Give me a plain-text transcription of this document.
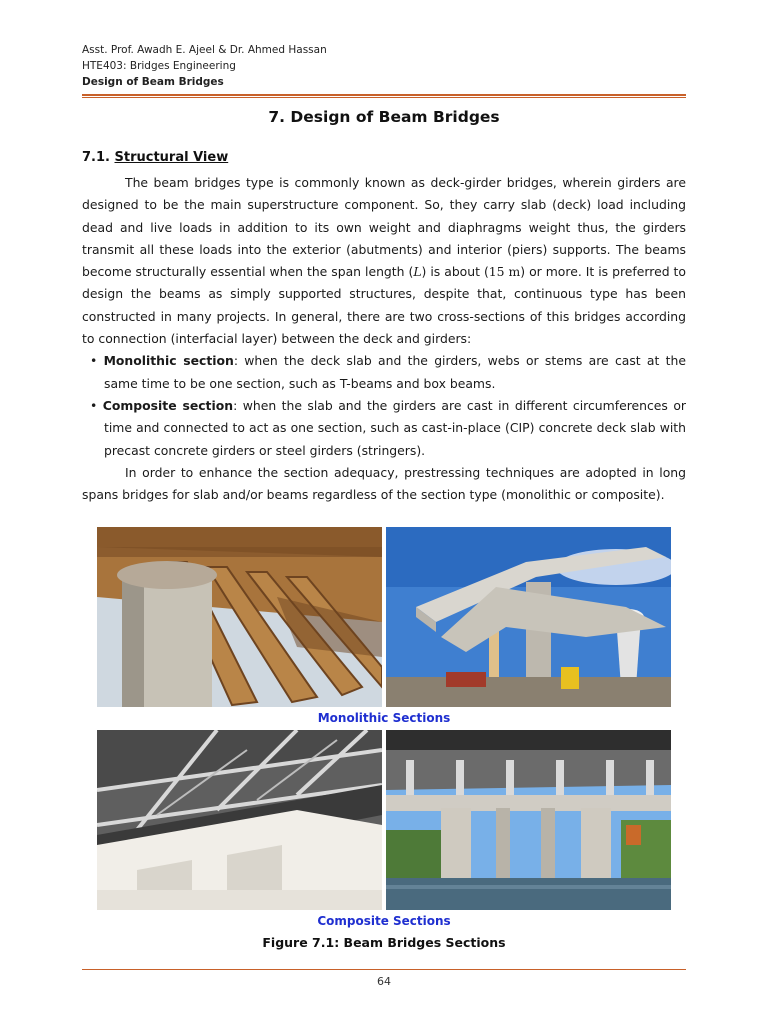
Asst. Prof. Awadh E. Ajeel & Dr. Ahmed Hassan
HTE403: Bridges Engineering
Design of Beam Bridges
7. Design of Beam Bridges
7.1. Structural View

The beam bridges type is commonly known as deck-girder bridges, wherein girders are designed to be the main superstructure component. So, they carry slab (deck) load including dead and live loads in addition to its own weight and diaphragms weight thus, the girders transmit all these loads into the exterior (abutments) and interior (piers) supports. The beams become structurally essential when the span length (L) is about (15 m) or more. It is preferred to design the beams as simply supported structures, despite that, continuous type has been constructed in many projects. In general, there are two cross-sections of this bridges according to connection (interfacial layer) between the deck and girders:

• Monolithic section: when the deck slab and the girders, webs or stems are cast at the same time to be one section, such as T-beams and box beams.

• Composite section: when the slab and the girders are cast in different circumferences or time and connected to act as one section, such as cast-in-place (CIP) concrete deck slab with precast concrete girders or steel girders (stringers).

In order to enhance the section adequacy, prestressing techniques are adopted in long spans bridges for slab and/or beams regardless of the section type (monolithic or composite).

Monolithic Sections
Composite Sections
Figure 7.1: Beam Bridges Sections
64
